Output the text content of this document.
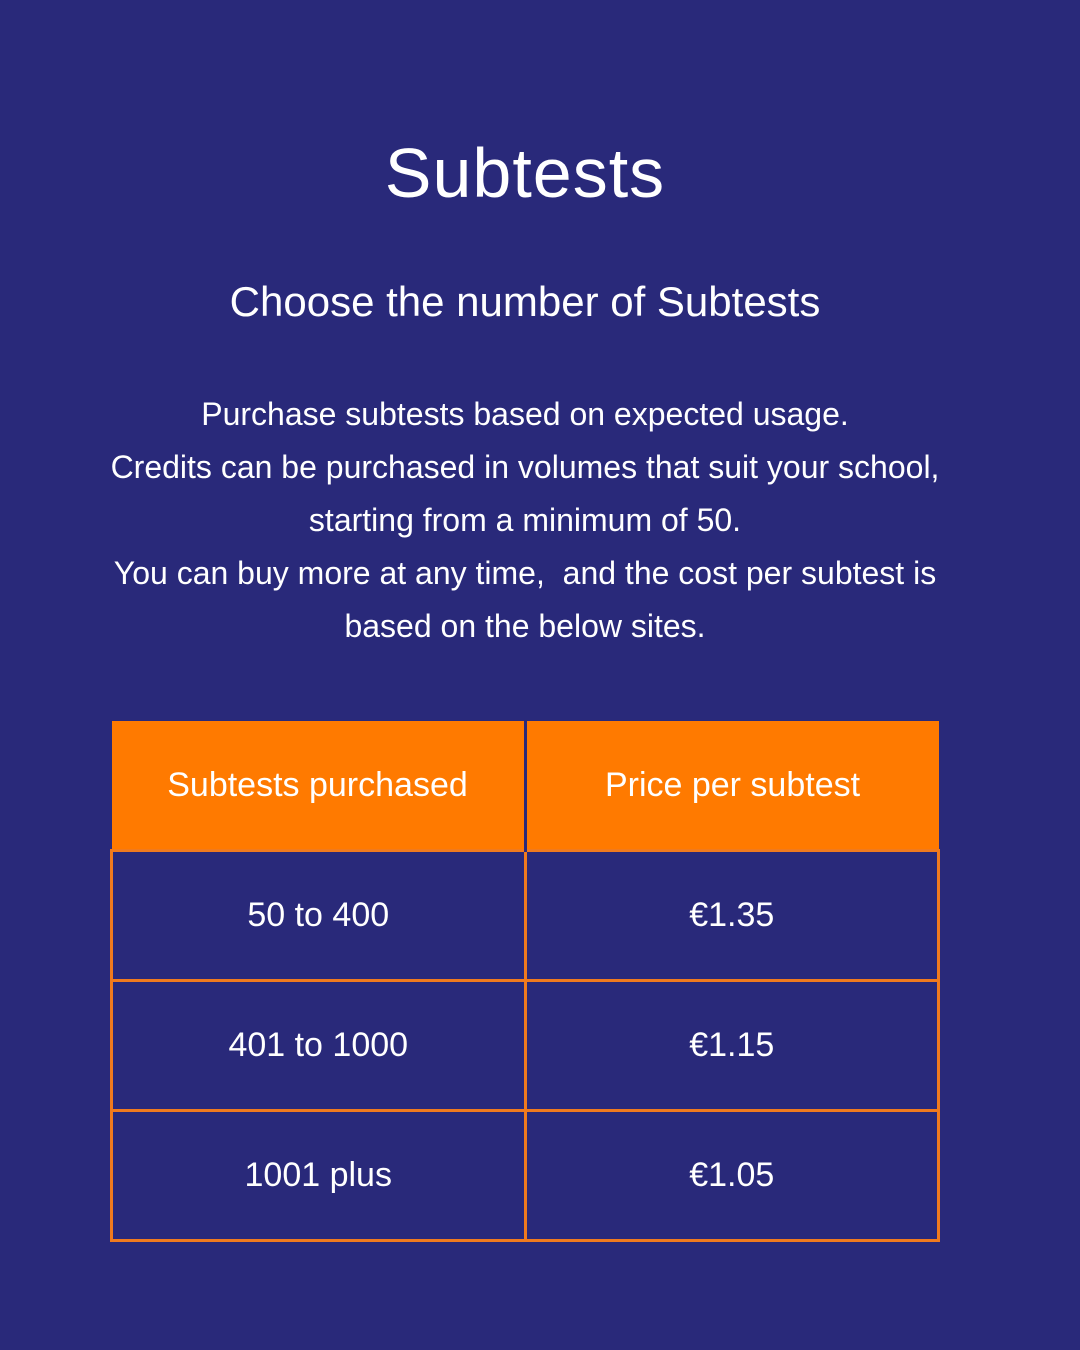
Subtests
Choose the number of Subtests

Purchase subtests based on expected usage.

Credits can be purchased in volumes that suit your school,

starting from a minimum of 50.

You can buy more at any time,  and the cost per subtest is

based on the below sites.

Subtests purchased	Price per subtest
50 to 400	€1.35
401 to 1000	€1.15
1001 plus	€1.05
